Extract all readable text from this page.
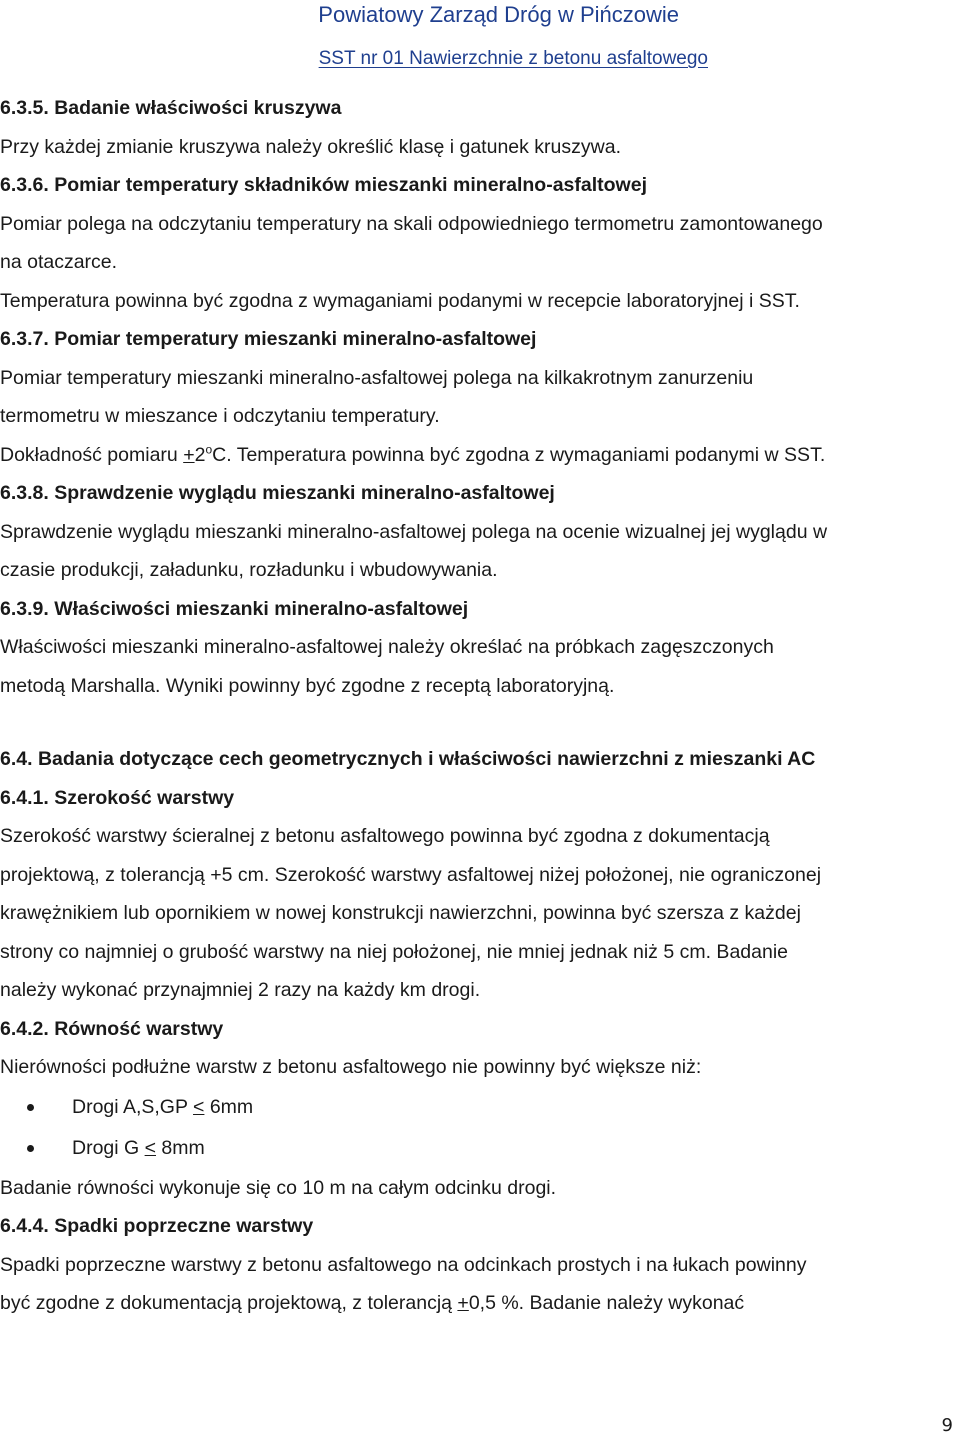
Powiatowy Zarząd Dróg w Pińczowie
SST nr 01 Nawierzchnie z betonu asfaltowego

6.3.5. Badanie właściwości kruszywa

Przy każdej zmianie kruszywa należy określić klasę i gatunek kruszywa.

6.3.6. Pomiar temperatury składników mieszanki mineralno-asfaltowej

Pomiar polega na odczytaniu temperatury na skali odpowiedniego termometru zamontowanego

na otaczarce.

Temperatura powinna być zgodna z wymaganiami podanymi w recepcie laboratoryjnej i SST.

6.3.7. Pomiar temperatury mieszanki mineralno-asfaltowej

Pomiar temperatury mieszanki mineralno-asfaltowej polega na kilkakrotnym zanurzeniu

termometru w mieszance i odczytaniu temperatury.

Dokładność pomiaru $+2^oC$. Temperatura powinna być zgodna z wymaganiami podanymi w SST.

6.3.8. Sprawdzenie wyglądu mieszanki mineralno-asfaltowej

Sprawdzenie wyglądu mieszanki mineralno-asfaltowej polega na ocenie wizualnej jej wyglądu w

czasie produkcji, załadunku, rozładunku i wbudowywania.

6.3.9. Właściwości mieszanki mineralno-asfaltowej

Właściwości mieszanki mineralno-asfaltowej należy określać na próbkach zagęszczonych

metodą Marshalla. Wyniki powinny być zgodne z receptą laboratoryjną.

6.4. Badania dotyczące cech geometrycznych i właściwości nawierzchni z mieszanki AC

6.4.1. Szerokość warstwy

Szerokość warstwy ścieralnej z betonu asfaltowego powinna być zgodna z dokumentacją

projektową, z tolerancją +5 cm. Szerokość warstwy asfaltowej niżej położonej, nie ograniczonej

krawężnikiem lub opornikiem w nowej konstrukcji nawierzchni, powinna być szersza z każdej

strony co najmniej o grubość warstwy na niej położonej, nie mniej jednak niż 5 cm. Badanie

należy wykonać przynajmniej 2 razy na każdy km drogi.

6.4.2. Równość warstwy

Nierówności podłużne warstw z betonu asfaltowego nie powinny być większe niż:

Drogi A,S,GP ≤ 6mm
Drogi G ≤ 8mm

Badanie równości wykonuje się co 10 m na całym odcinku drogi.

6.4.4. Spadki poprzeczne warstwy

Spadki poprzeczne warstwy z betonu asfaltowego na odcinkach prostych i na łukach powinny

być zgodne z dokumentacją projektową, z tolerancją +0,5 %. Badanie należy wykonać

9
